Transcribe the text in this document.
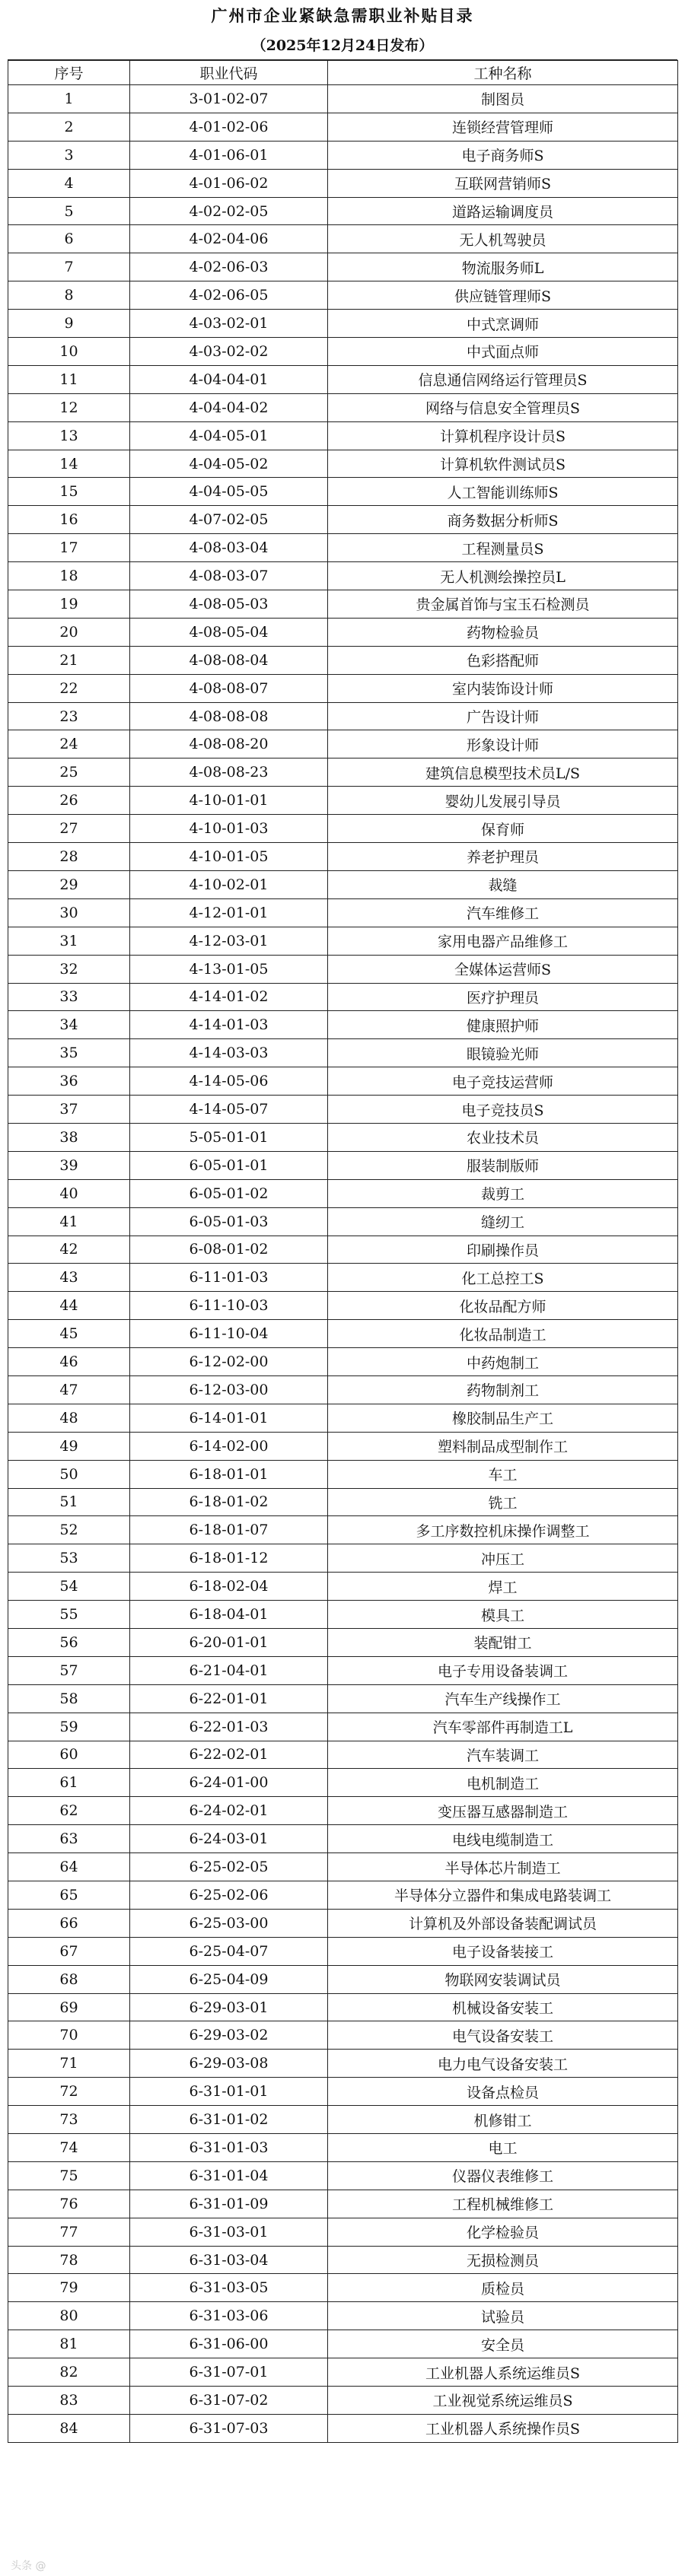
广州市企业紧缺急需职业补贴目录
（2025年12月24日发布）
序号	职业代码	工种名称
1	3-01-02-07	制图员
2	4-01-02-06	连锁经营管理师
3	4-01-06-01	电子商务师S
4	4-01-06-02	互联网营销师S
5	4-02-02-05	道路运输调度员
6	4-02-04-06	无人机驾驶员
7	4-02-06-03	物流服务师L
8	4-02-06-05	供应链管理师S
9	4-03-02-01	中式烹调师
10	4-03-02-02	中式面点师
11	4-04-04-01	信息通信网络运行管理员S
12	4-04-04-02	网络与信息安全管理员S
13	4-04-05-01	计算机程序设计员S
14	4-04-05-02	计算机软件测试员S
15	4-04-05-05	人工智能训练师S
16	4-07-02-05	商务数据分析师S
17	4-08-03-04	工程测量员S
18	4-08-03-07	无人机测绘操控员L
19	4-08-05-03	贵金属首饰与宝玉石检测员
20	4-08-05-04	药物检验员
21	4-08-08-04	色彩搭配师
22	4-08-08-07	室内装饰设计师
23	4-08-08-08	广告设计师
24	4-08-08-20	形象设计师
25	4-08-08-23	建筑信息模型技术员L/S
26	4-10-01-01	婴幼儿发展引导员
27	4-10-01-03	保育师
28	4-10-01-05	养老护理员
29	4-10-02-01	裁缝
30	4-12-01-01	汽车维修工
31	4-12-03-01	家用电器产品维修工
32	4-13-01-05	全媒体运营师S
33	4-14-01-02	医疗护理员
34	4-14-01-03	健康照护师
35	4-14-03-03	眼镜验光师
36	4-14-05-06	电子竞技运营师
37	4-14-05-07	电子竞技员S
38	5-05-01-01	农业技术员
39	6-05-01-01	服装制版师
40	6-05-01-02	裁剪工
41	6-05-01-03	缝纫工
42	6-08-01-02	印刷操作员
43	6-11-01-03	化工总控工S
44	6-11-10-03	化妆品配方师
45	6-11-10-04	化妆品制造工
46	6-12-02-00	中药炮制工
47	6-12-03-00	药物制剂工
48	6-14-01-01	橡胶制品生产工
49	6-14-02-00	塑料制品成型制作工
50	6-18-01-01	车工
51	6-18-01-02	铣工
52	6-18-01-07	多工序数控机床操作调整工
53	6-18-01-12	冲压工
54	6-18-02-04	焊工
55	6-18-04-01	模具工
56	6-20-01-01	装配钳工
57	6-21-04-01	电子专用设备装调工
58	6-22-01-01	汽车生产线操作工
59	6-22-01-03	汽车零部件再制造工L
60	6-22-02-01	汽车装调工
61	6-24-01-00	电机制造工
62	6-24-02-01	变压器互感器制造工
63	6-24-03-01	电线电缆制造工
64	6-25-02-05	半导体芯片制造工
65	6-25-02-06	半导体分立器件和集成电路装调工
66	6-25-03-00	计算机及外部设备装配调试员
67	6-25-04-07	电子设备装接工
68	6-25-04-09	物联网安装调试员
69	6-29-03-01	机械设备安装工
70	6-29-03-02	电气设备安装工
71	6-29-03-08	电力电气设备安装工
72	6-31-01-01	设备点检员
73	6-31-01-02	机修钳工
74	6-31-01-03	电工
75	6-31-01-04	仪器仪表维修工
76	6-31-01-09	工程机械维修工
77	6-31-03-01	化学检验员
78	6-31-03-04	无损检测员
79	6-31-03-05	质检员
80	6-31-03-06	试验员
81	6-31-06-00	安全员
82	6-31-07-01	工业机器人系统运维员S
83	6-31-07-02	工业视觉系统运维员S
84	6-31-07-03	工业机器人系统操作员S
头条 @
